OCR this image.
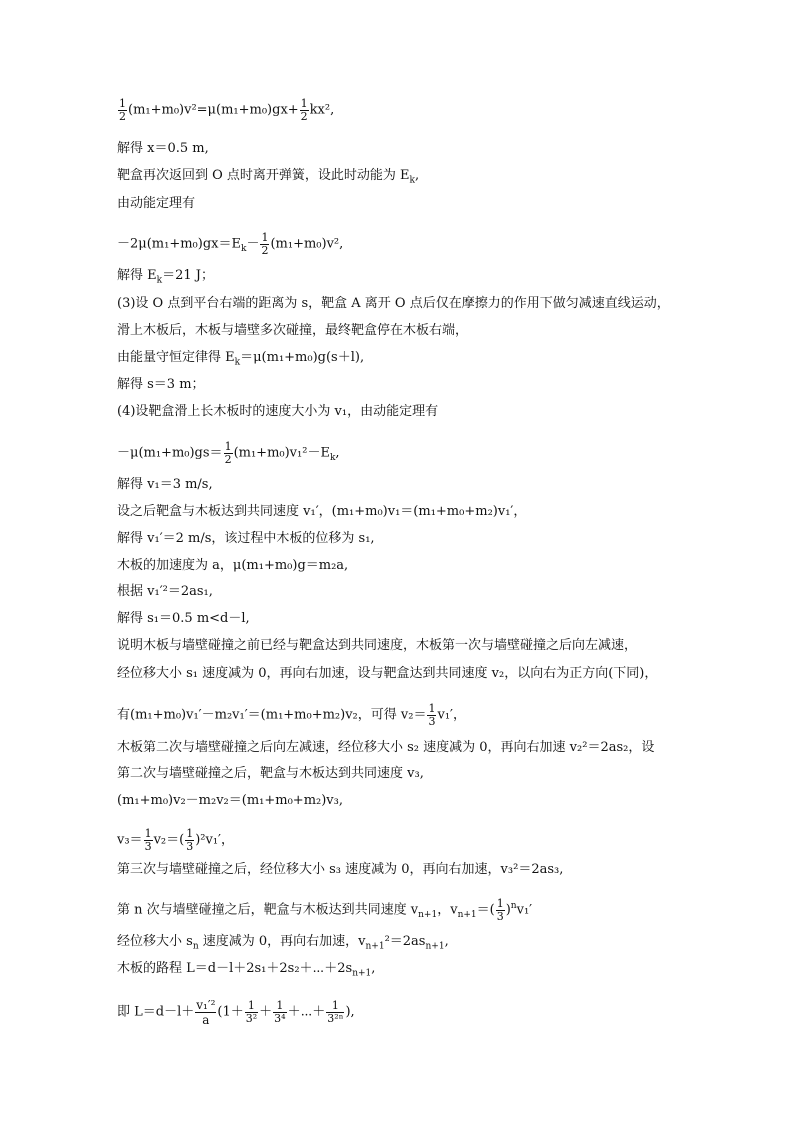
$\frac{1}{2} (m_1+m_0)v^2=\mu(m_1+m_0)gx+ \frac{1}{2} kx^2$,
解得 x＝0.5 m,
靶盒再次返回到 O 点时离开弹簧，设此时动能为 $E_k$,
由动能定理有
$-2\mu(m_1+m_0)gx=E_k- \frac{1}{2} (m_1+m_0)v^2$,
解得 $E_k=21$ J；
(3)设 O 点到平台右端的距离为 s，靶盒 A 离开 O 点后仅在摩擦力的作用下做匀减速直线运动，
滑上木板后，木板与墙壁多次碰撞，最终靶盒停在木板右端，
由能量守恒定律得 $E_k=\mu(m_1+m_0)g(s+l)$,
解得 s＝3 m；
(4)设靶盒滑上长木板时的速度大小为 v₁，由动能定理有
$-\mu(m_1+m_0)gs= \frac{1}{2} (m_1+m_0)v_1^2-E_k$,
解得 v₁＝3 m/s,
设之后靶盒与木板达到共同速度 v₁′，(m₁+m₀)v₁＝(m₁+m₀+m₂)v₁′，
解得 v₁′＝2 m/s，该过程中木板的位移为 s₁,
木板的加速度为 a，μ(m₁+m₀)g＝m₂a,
根据 v₁′²＝2as₁,
解得 s₁＝0.5 m<d－l,
说明木板与墙壁碰撞之前已经与靶盒达到共同速度，木板第一次与墙壁碰撞之后向左减速，
经位移大小 s₁ 速度减为 0，再向右加速，设与靶盒达到共同速度 v₂，以向右为正方向(下同)，
有(m₁+m₀)v₁′－m₂v₁′＝(m₁+m₀+m₂)v₂，可得 $v_2= \frac{1}{3} v_1'$，
木板第二次与墙壁碰撞之后向左减速，经位移大小 s₂ 速度减为 0，再向右加速 v₂²＝2as₂，设
第二次与墙壁碰撞之后，靶盒与木板达到共同速度 v₃,
(m₁+m₀)v₂－m₂v₂＝(m₁+m₀+m₂)v₃,
$v_3= \frac{1}{3} v_2=( \frac{1}{3} )^2v_1'$，
第三次与墙壁碰撞之后，经位移大小 s₃ 速度减为 0，再向右加速，v₃²＝2as₃,
第 n 次与墙壁碰撞之后，靶盒与木板达到共同速度 $v_{n+1}$，$v_{n+1}=( \frac{1}{3} )^nv_1'$
经位移大小 $s_n$ 速度减为 0，再向右加速，$v_{n+1}^2=2as_{n+1}$,
木板的路程 $L=d-l+2s_1+2s_2+\cdots+2s_{n+1}$,
即 $L=d-l+ \frac{\text{v₁′²}}{a} (1+ \frac{1}{\text{3²}} + \frac{1}{\text{3⁴}}$ ＋⋯＋ $\frac{1}{\text{3²ⁿ}}$ ),
